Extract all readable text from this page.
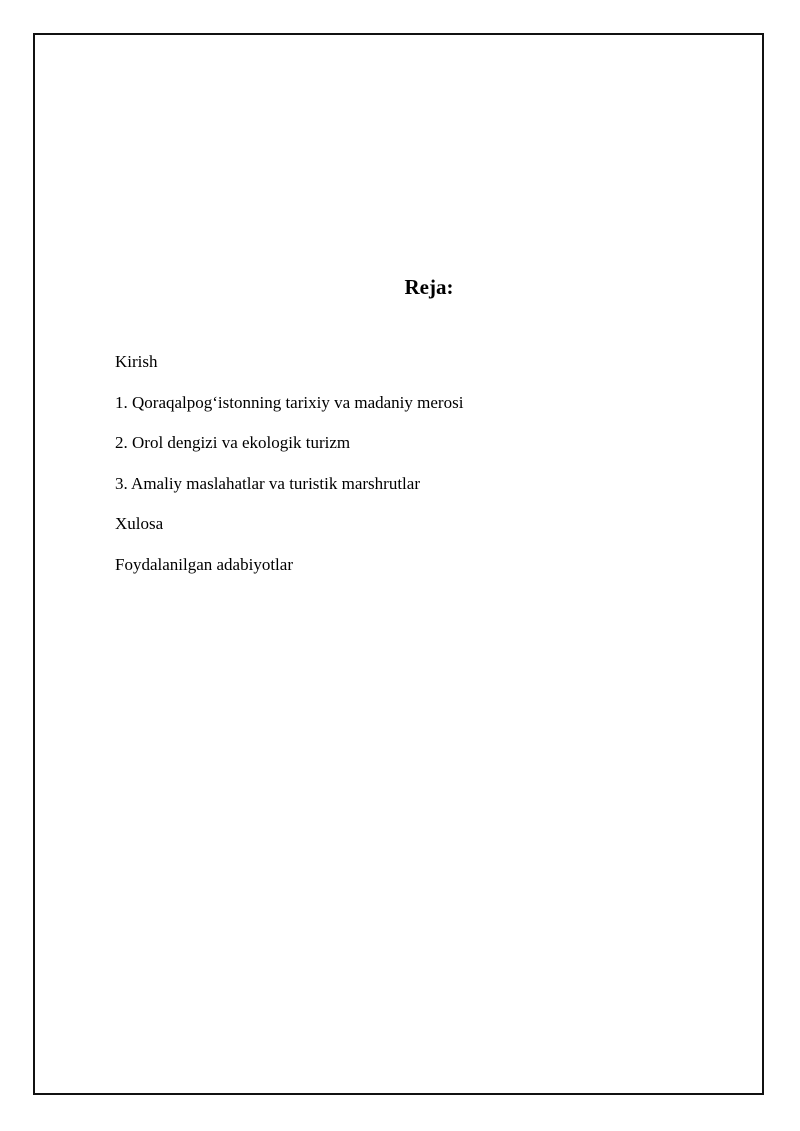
Reja:
Kirish
1. Qoraqalpog‘istonning tarixiy va madaniy merosi
2. Orol dengizi va ekologik turizm
3. Amaliy maslahatlar va turistik marshrutlar
Xulosa
Foydalanilgan adabiyotlar
